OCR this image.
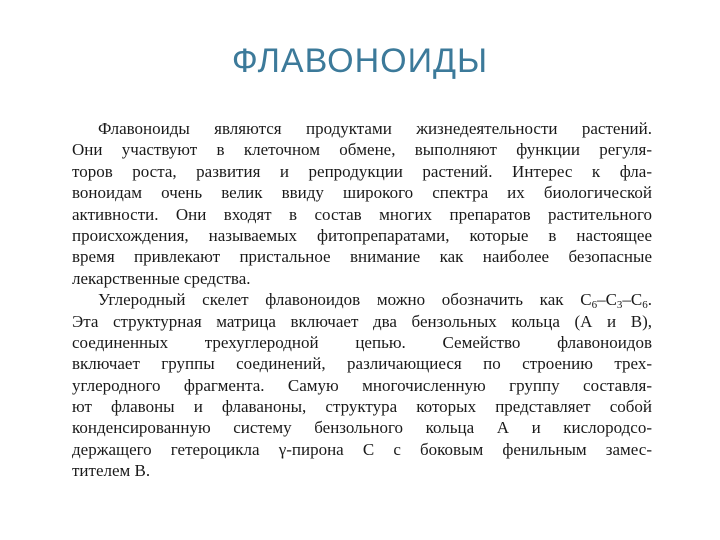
ФЛАВОНОИДЫ
Флавоноиды являются продуктами жизнедеятельности растений.
Они участвуют в клеточном обмене, выполняют функции регуля-
торов роста, развития и репродукции растений. Интерес к фла-
воноидам очень велик ввиду широкого спектра их биологической
активности. Они входят в состав многих препаратов растительного
происхождения, называемых фитопрепаратами, которые в настоящее
время привлекают пристальное внимание как наиболее безопасные
лекарственные средства.
Углеродный скелет флавоноидов можно обозначить как $С_6-С_3-С_6$.
Эта структурная матрица включает два бензольных кольца (А и В),
соединенных трехуглеродной цепью. Семейство флавоноидов
включает группы соединений, различающиеся по строению трех-
углеродного фрагмента. Самую многочисленную группу составля-
ют флавоны и флаваноны, структура которых представляет собой
конденсированную систему бензольного кольца А и кислородсо-
держащего гетероцикла γ-пирона С с боковым фенильным замес-
тителем В.
